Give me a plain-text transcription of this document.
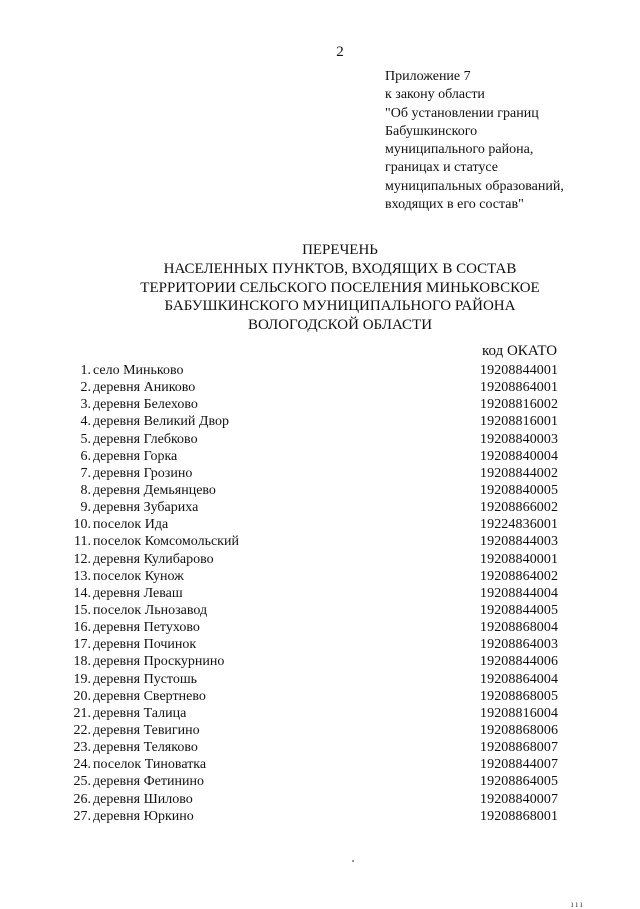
2
Приложение 7
к закону области
"Об установлении границ
Бабушкинского
муниципального района,
границах и статусе
муниципальных образований,
входящих в его состав"
ПЕРЕЧЕНЬ
НАСЕЛЕННЫХ ПУНКТОВ, ВХОДЯЩИХ В СОСТАВ
ТЕРРИТОРИИ СЕЛЬСКОГО ПОСЕЛЕНИЯ МИНЬКОВСКОЕ
БАБУШКИНСКОГО МУНИЦИПАЛЬНОГО РАЙОНА
ВОЛОГОДСКОЙ ОБЛАСТИ
код ОКАТО
1. село Миньково	19208844001
2. деревня Аниково	19208864001
3. деревня Белехово	19208816002
4. деревня Великий Двор	19208816001
5. деревня Глебково	19208840003
6. деревня Горка	19208840004
7. деревня Грозино	19208844002
8. деревня Демьянцево	19208840005
9. деревня Зубариха	19208866002
10. поселок Ида	19224836001
11. поселок Комсомольский	19208844003
12. деревня Кулибарово	19208840001
13. поселок Кунож	19208864002
14. деревня Леваш	19208844004
15. поселок Льнозавод	19208844005
16. деревня Петухово	19208868004
17. деревня Починок	19208864003
18. деревня Проскурнино	19208844006
19. деревня Пустошь	19208864004
20. деревня Свертнево	19208868005
21. деревня Талица	19208816004
22. деревня Тевигино	19208868006
23. деревня Теляково	19208868007
24. поселок Тиноватка	19208844007
25. деревня Фетинино	19208864005
26. деревня Шилово	19208840007
27. деревня Юркино	19208868001
ııı
